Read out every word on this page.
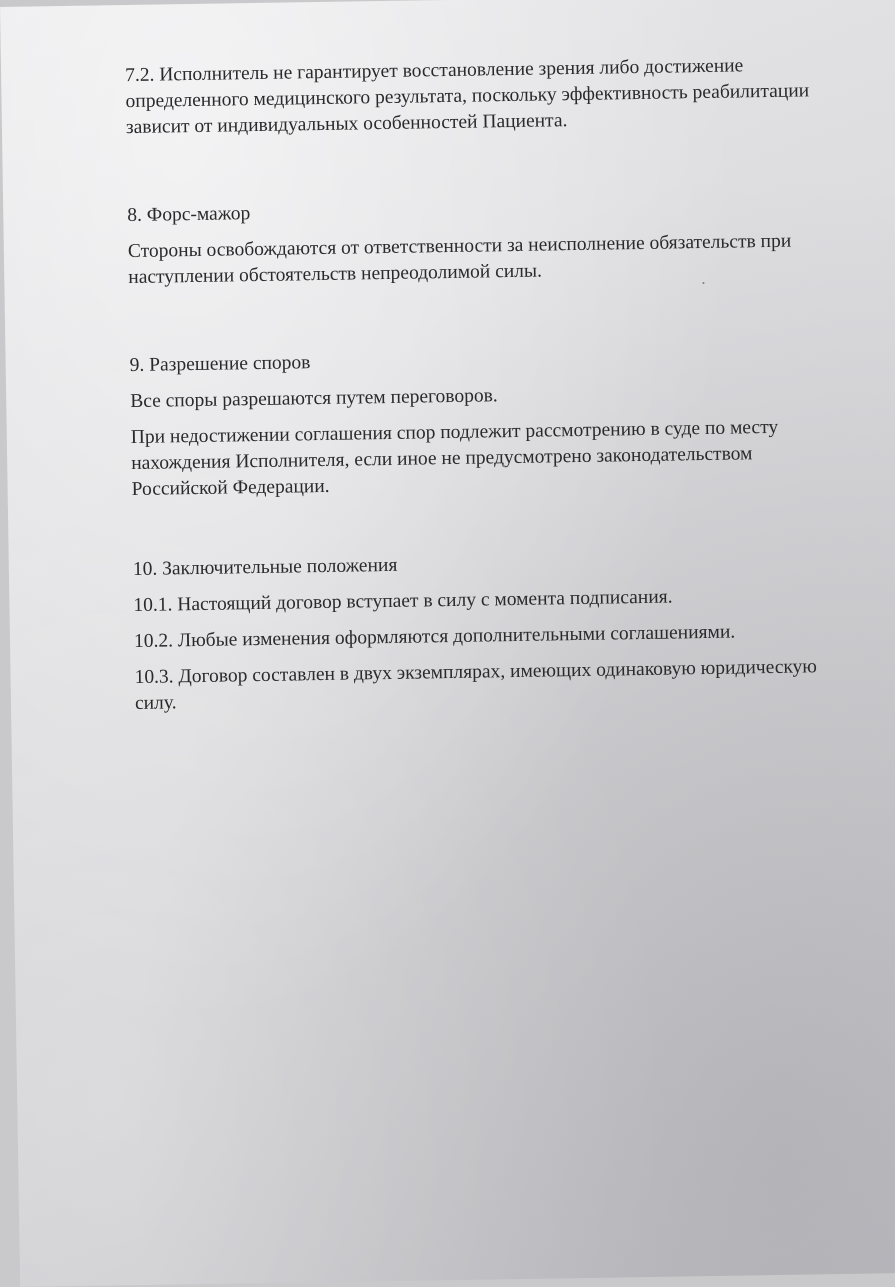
7.2. Исполнитель не гарантирует восстановление зрения либо достижение определенного медицинского результата, поскольку эффективность реабилитации зависит от индивидуальных особенностей Пациента.

8. Форс-мажор

Стороны освобождаются от ответственности за неисполнение обязательств при наступлении обстоятельств непреодолимой силы.

9. Разрешение споров

Все споры разрешаются путем переговоров.

При недостижении соглашения спор подлежит рассмотрению в суде по месту нахождения Исполнителя, если иное не предусмотрено законодательством Российской Федерации.

10. Заключительные положения

10.1. Настоящий договор вступает в силу с момента подписания.

10.2. Любые изменения оформляются дополнительными соглашениями.

10.3. Договор составлен в двух экземплярах, имеющих одинаковую юридическую силу.
